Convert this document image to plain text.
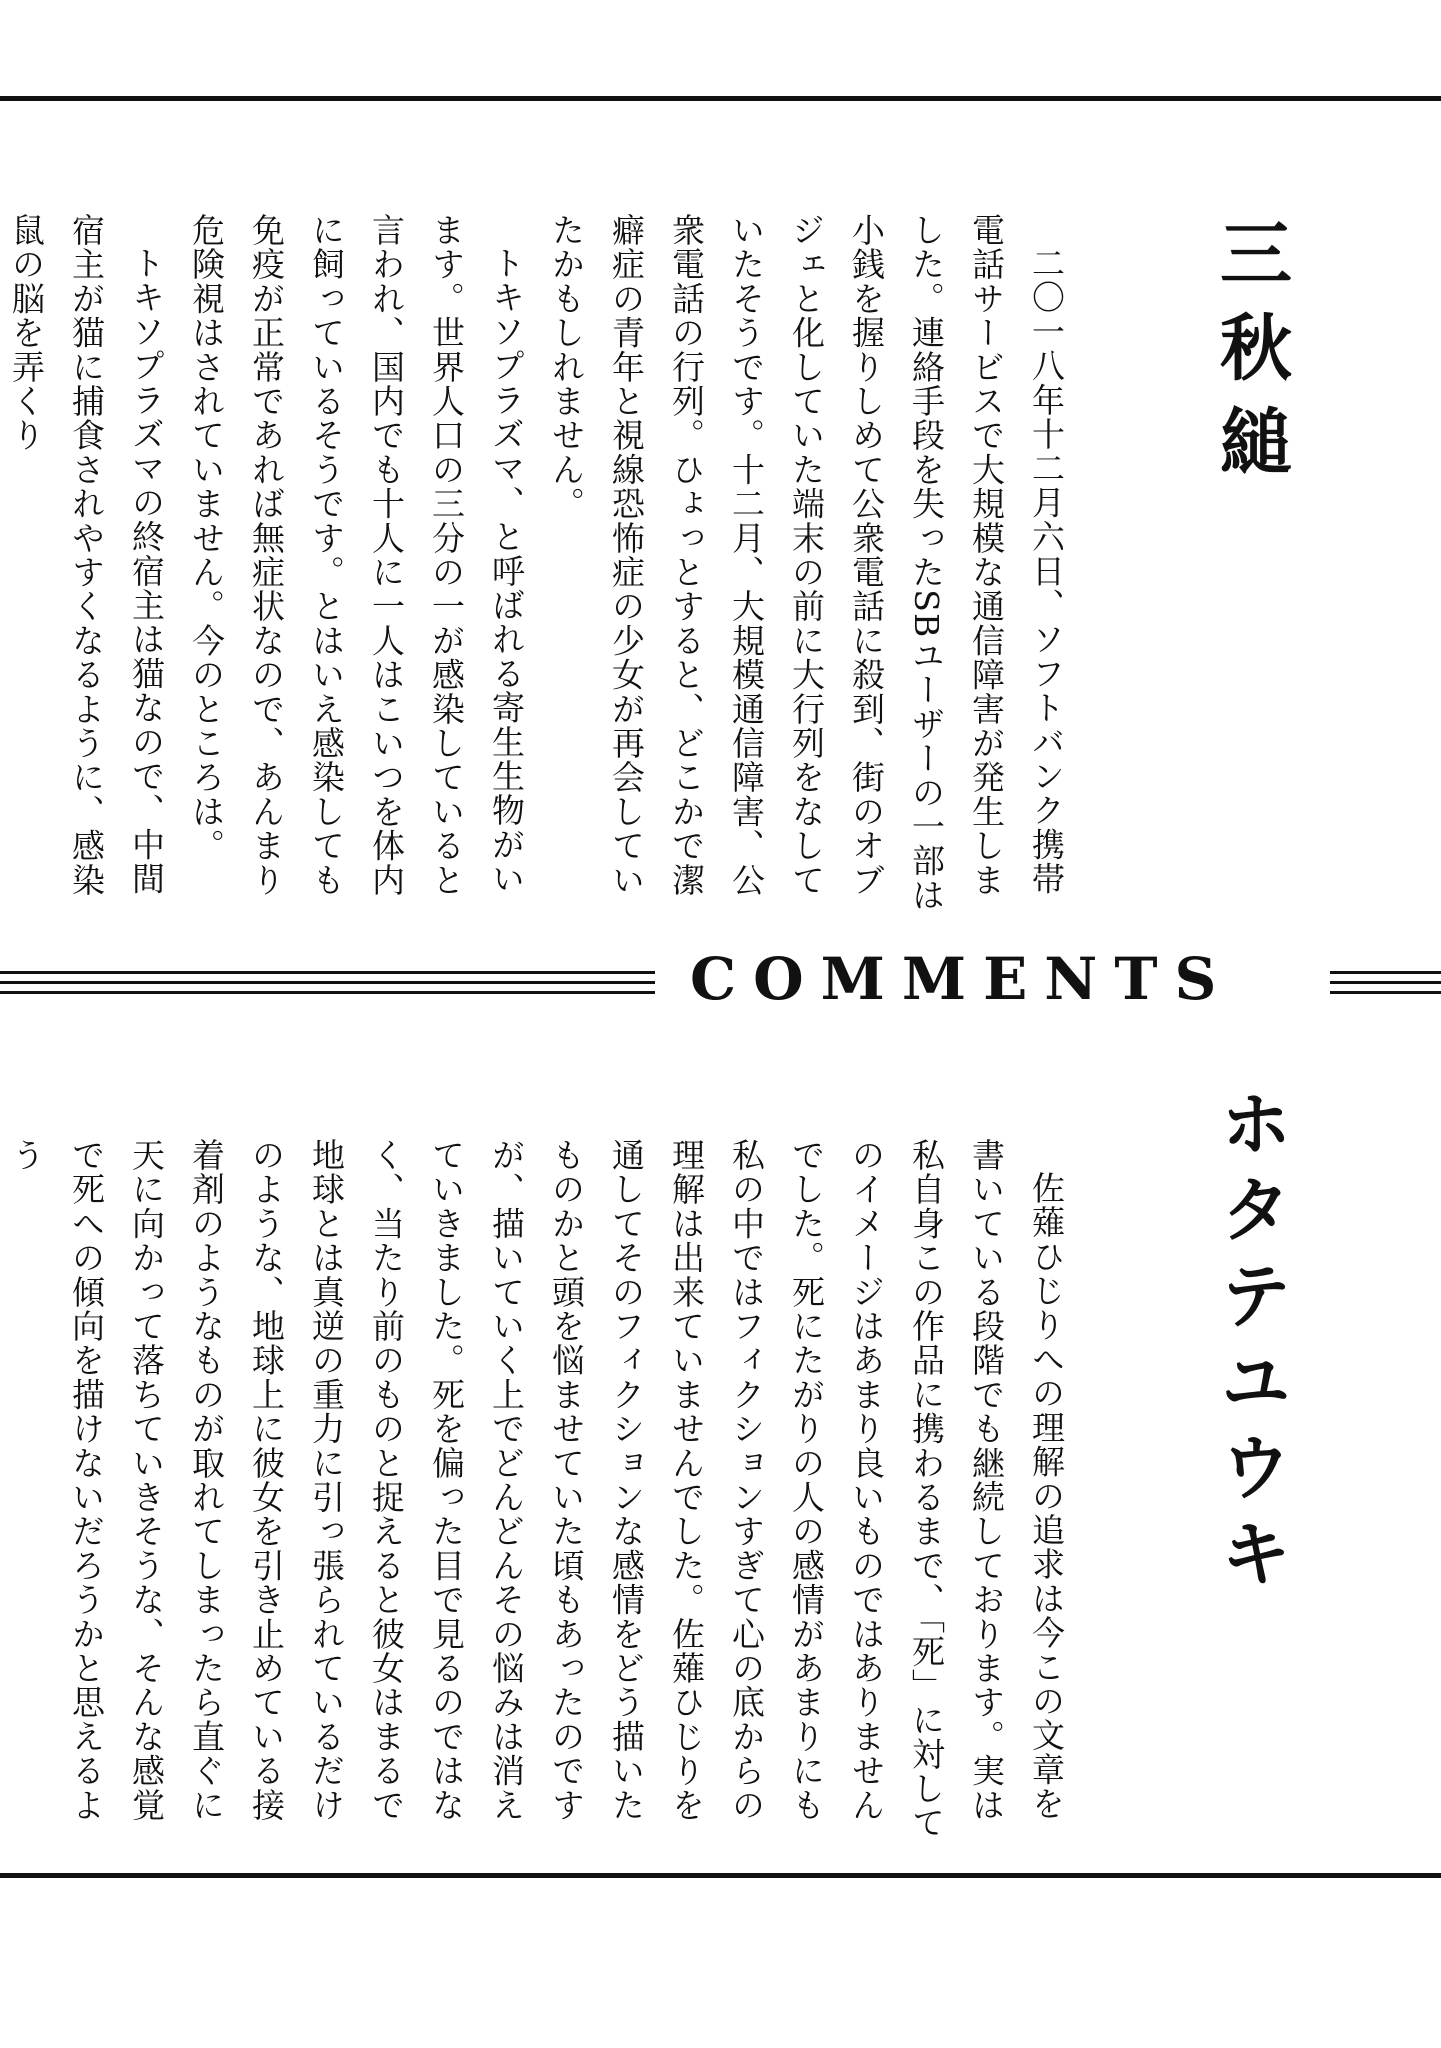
三秋縋

二〇一八年十二月六日、ソフトバンク携帯電話サービスで大規模な通信障害が発生しました。連絡手段を失ったSBユーザーの一部は小銭を握りしめて公衆電話に殺到、街のオブジェと化していた端末の前に大行列をなしていたそうです。十二月、大規模通信障害、公衆電話の行列。ひょっとすると、どこかで潔癖症の青年と視線恐怖症の少女が再会していたかもしれません。

トキソプラズマ、と呼ばれる寄生生物がいます。世界人口の三分の一が感染していると言われ、国内でも十人に一人はこいつを体内に飼っているそうです。とはいえ感染しても免疫が正常であれば無症状なので、あんまり危険視はされていません。今のところは。

トキソプラズマの終宿主は猫なので、中間宿主が猫に捕食されやすくなるように、感染鼠の脳を弄くり

COMMENTS
ホタテユウキ

佐薙ひじりへの理解の追求は今この文章を書いている段階でも継続しております。実は私自身この作品に携わるまで、「死」に対してのイメージはあまり良いものではありませんでした。死にたがりの人の感情があまりにも私の中ではフィクションすぎて心の底からの理解は出来ていませんでした。佐薙ひじりを通してそのフィクションな感情をどう描いたものかと頭を悩ませていた頃もあったのですが、描いていく上でどんどんその悩みは消えていきました。死を偏った目で見るのではなく、当たり前のものと捉えると彼女はまるで地球とは真逆の重力に引っ張られているだけのような、地球上に彼女を引き止めている接着剤のようなものが取れてしまったら直ぐに天に向かって落ちていきそうな、そんな感覚で死への傾向を描けないだろうかと思えるよう
